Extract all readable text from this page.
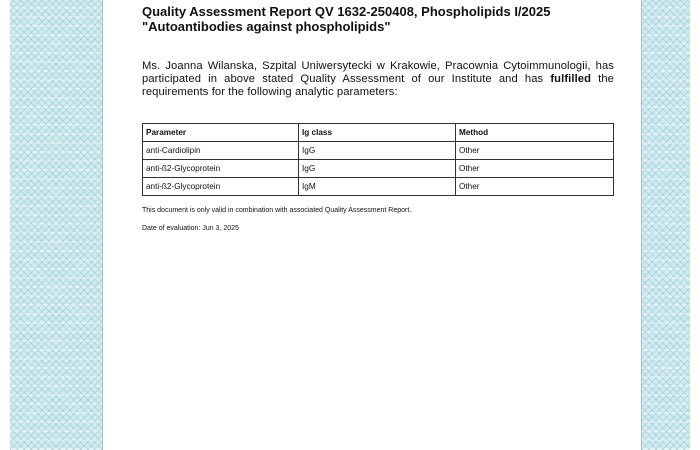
Quality Assessment Report QV 1632-250408, Phospholipids I/2025
"Autoantibodies against phospholipids"

Ms. Joanna Wilanska, Szpital Uniwersytecki w Krakowie, Pracownia Cytoimmunologii, has participated in above stated Quality Assessment of our Institute and has fulfilled the requirements for the following analytic parameters:

Parameter	Ig class	Method
anti-Cardiolipin	IgG	Other
anti-ß2-Glycoprotein	IgG	Other
anti-ß2-Glycoprotein	IgM	Other
This document is only valid in combination with associated Quality Assessment Report.
Date of evaluation: Jun 3, 2025
